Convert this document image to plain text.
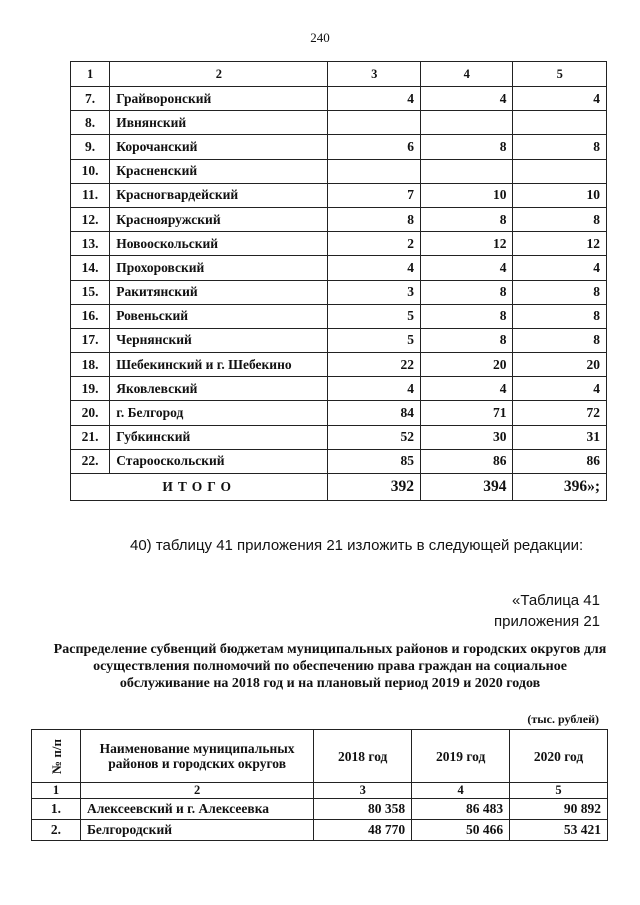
240
1	2	3	4	5
7.	Грайворонский	4	4	4
8.	Ивнянский			
9.	Корочанский	6	8	8
10.	Красненский			
11.	Красногвардейский	7	10	10
12.	Краснояружский	8	8	8
13.	Новооскольский	2	12	12
14.	Прохоровский	4	4	4
15.	Ракитянский	3	8	8
16.	Ровеньский	5	8	8
17.	Чернянский	5	8	8
18.	Шебекинский и г. Шебекино	22	20	20
19.	Яковлевский	4	4	4
20.	г. Белгород	84	71	72
21.	Губкинский	52	30	31
22.	Старооскольский	85	86	86
ИТОГО		392	394	396»;
40) таблицу 41 приложения 21 изложить в следующей редакции:
«Таблица 41
приложения 21
Распределение субвенций бюджетам муниципальных районов и городских округов для осуществления полномочий по обеспечению права граждан на социальное обслуживание на 2018 год и на плановый период 2019 и 2020 годов
(тыс. рублей)
№ п/п	Наименование муниципальных районов и городских округов	2018 год	2019 год	2020 год
1	2	3	4	5
1.	Алексеевский и г. Алексеевка	80 358	86 483	90 892
2.	Белгородский	48 770	50 466	53 421
